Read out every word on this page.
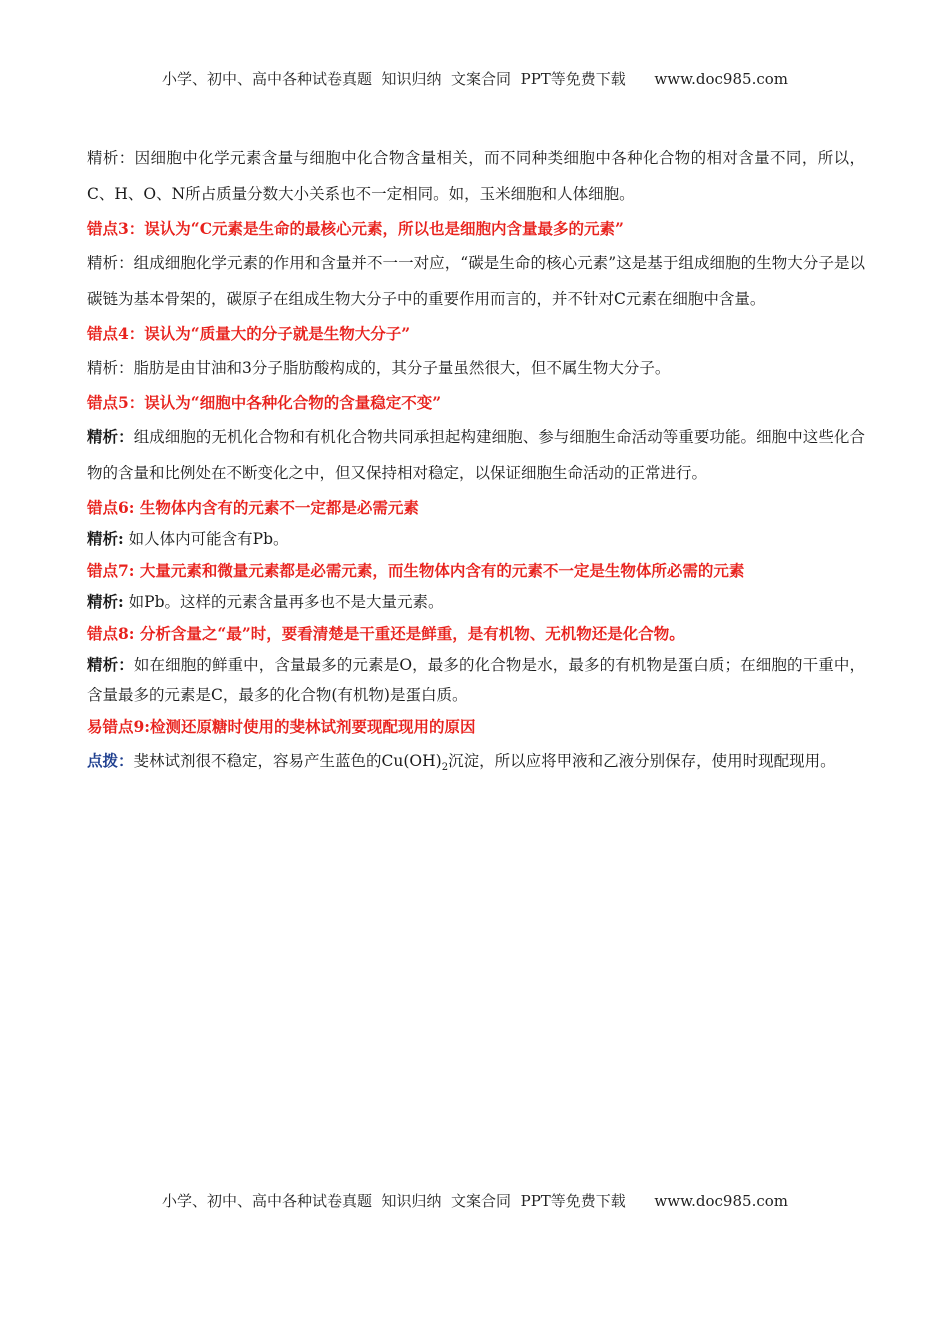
小学、初中、高中各种试卷真题  知识归纳  文案合同  PPT等免费下载      www.doc985.com

精析：因细胞中化学元素含量与细胞中化合物含量相关，而不同种类细胞中各种化合物的相对含量不同，所以，C、H、O、N所占质量分数大小关系也不一定相同。如，玉米细胞和人体细胞。

错点3：误认为“C元素是生命的最核心元素，所以也是细胞内含量最多的元素”

精析：组成细胞化学元素的作用和含量并不一一对应，“碳是生命的核心元素”这是基于组成细胞的生物大分子是以碳链为基本骨架的，碳原子在组成生物大分子中的重要作用而言的，并不针对C元素在细胞中含量。

错点4：误认为“质量大的分子就是生物大分子”

精析：脂肪是由甘油和3分子脂肪酸构成的，其分子量虽然很大，但不属生物大分子。

错点5：误认为“细胞中各种化合物的含量稳定不变”

精析：组成细胞的无机化合物和有机化合物共同承担起构建细胞、参与细胞生命活动等重要功能。细胞中这些化合物的含量和比例处在不断变化之中，但又保持相对稳定，以保证细胞生命活动的正常进行。

错点6: 生物体内含有的元素不一定都是必需元素

精析: 如人体内可能含有Pb。

错点7: 大量元素和微量元素都是必需元素，而生物体内含有的元素不一定是生物体所必需的元素

精析: 如Pb。这样的元素含量再多也不是大量元素。

错点8: 分析含量之“最”时，要看清楚是干重还是鲜重，是有机物、无机物还是化合物。

精析：如在细胞的鲜重中，含量最多的元素是O，最多的化合物是水，最多的有机物是蛋白质；在细胞的干重中，含量最多的元素是C，最多的化合物(有机物)是蛋白质。

易错点9:检测还原糖时使用的斐林试剂要现配现用的原因

点拨：斐林试剂很不稳定，容易产生蓝色的$Cu(OH)_2$沉淀，所以应将甲液和乙液分别保存，使用时现配现用。

小学、初中、高中各种试卷真题  知识归纳  文案合同  PPT等免费下载      www.doc985.com
